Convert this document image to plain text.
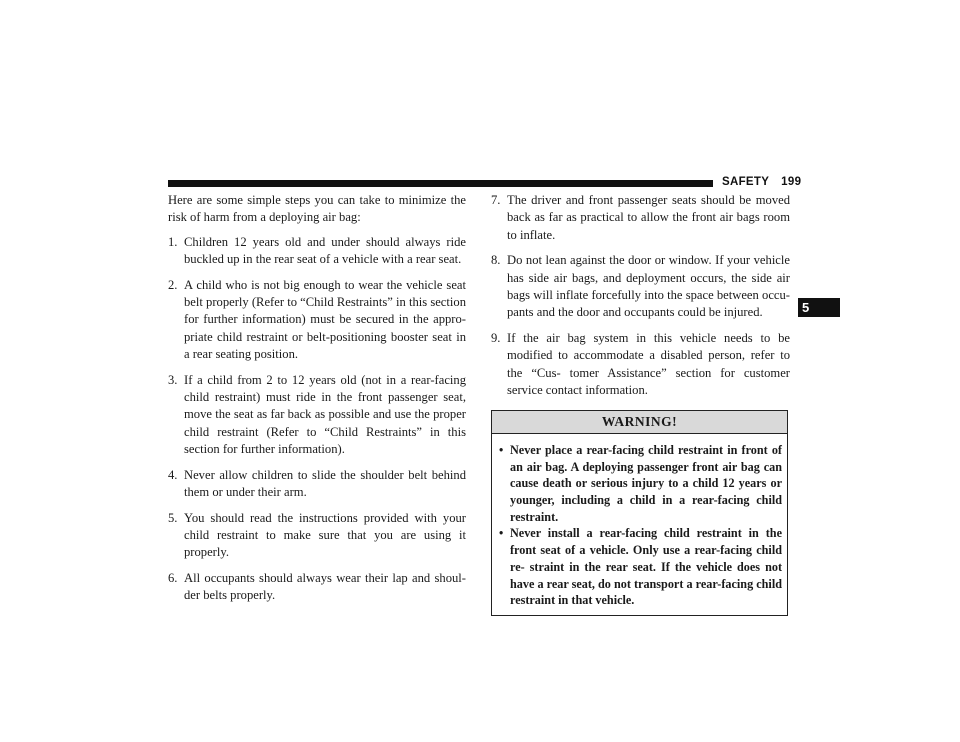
SAFETY 199
5

Here are some simple steps you can take to minimize the risk of harm from a deploying air bag:

1. Children 12 years old and under should always ride buckled up in the rear seat of a vehicle with a rear seat.
2. A child who is not big enough to wear the vehicle seat belt properly (Refer to “Child Restraints” in this section for further information) must be secured in the appro- priate child restraint or belt-positioning booster seat in a rear seating position.
3. If a child from 2 to 12 years old (not in a rear-facing child restraint) must ride in the front passenger seat, move the seat as far back as possible and use the proper child restraint (Refer to “Child Restraints” in this section for further information).
4. Never allow children to slide the shoulder belt behind them or under their arm.
5. You should read the instructions provided with your child restraint to make sure that you are using it properly.
6. All occupants should always wear their lap and shoul- der belts properly.
7. The driver and front passenger seats should be moved back as far as practical to allow the front air bags room to inflate.
8. Do not lean against the door or window. If your vehicle has side air bags, and deployment occurs, the side air bags will inflate forcefully into the space between occu- pants and the door and occupants could be injured.
9. If the air bag system in this vehicle needs to be modified to accommodate a disabled person, refer to the “Cus- tomer Assistance” section for customer service contact information.
WARNING!
• Never place a rear-facing child restraint in front of an air bag. A deploying passenger front air bag can cause death or serious injury to a child 12 years or younger, including a child in a rear-facing child restraint.
• Never install a rear-facing child restraint in the front seat of a vehicle. Only use a rear-facing child re- straint in the rear seat. If the vehicle does not have a rear seat, do not transport a rear-facing child restraint in that vehicle.
